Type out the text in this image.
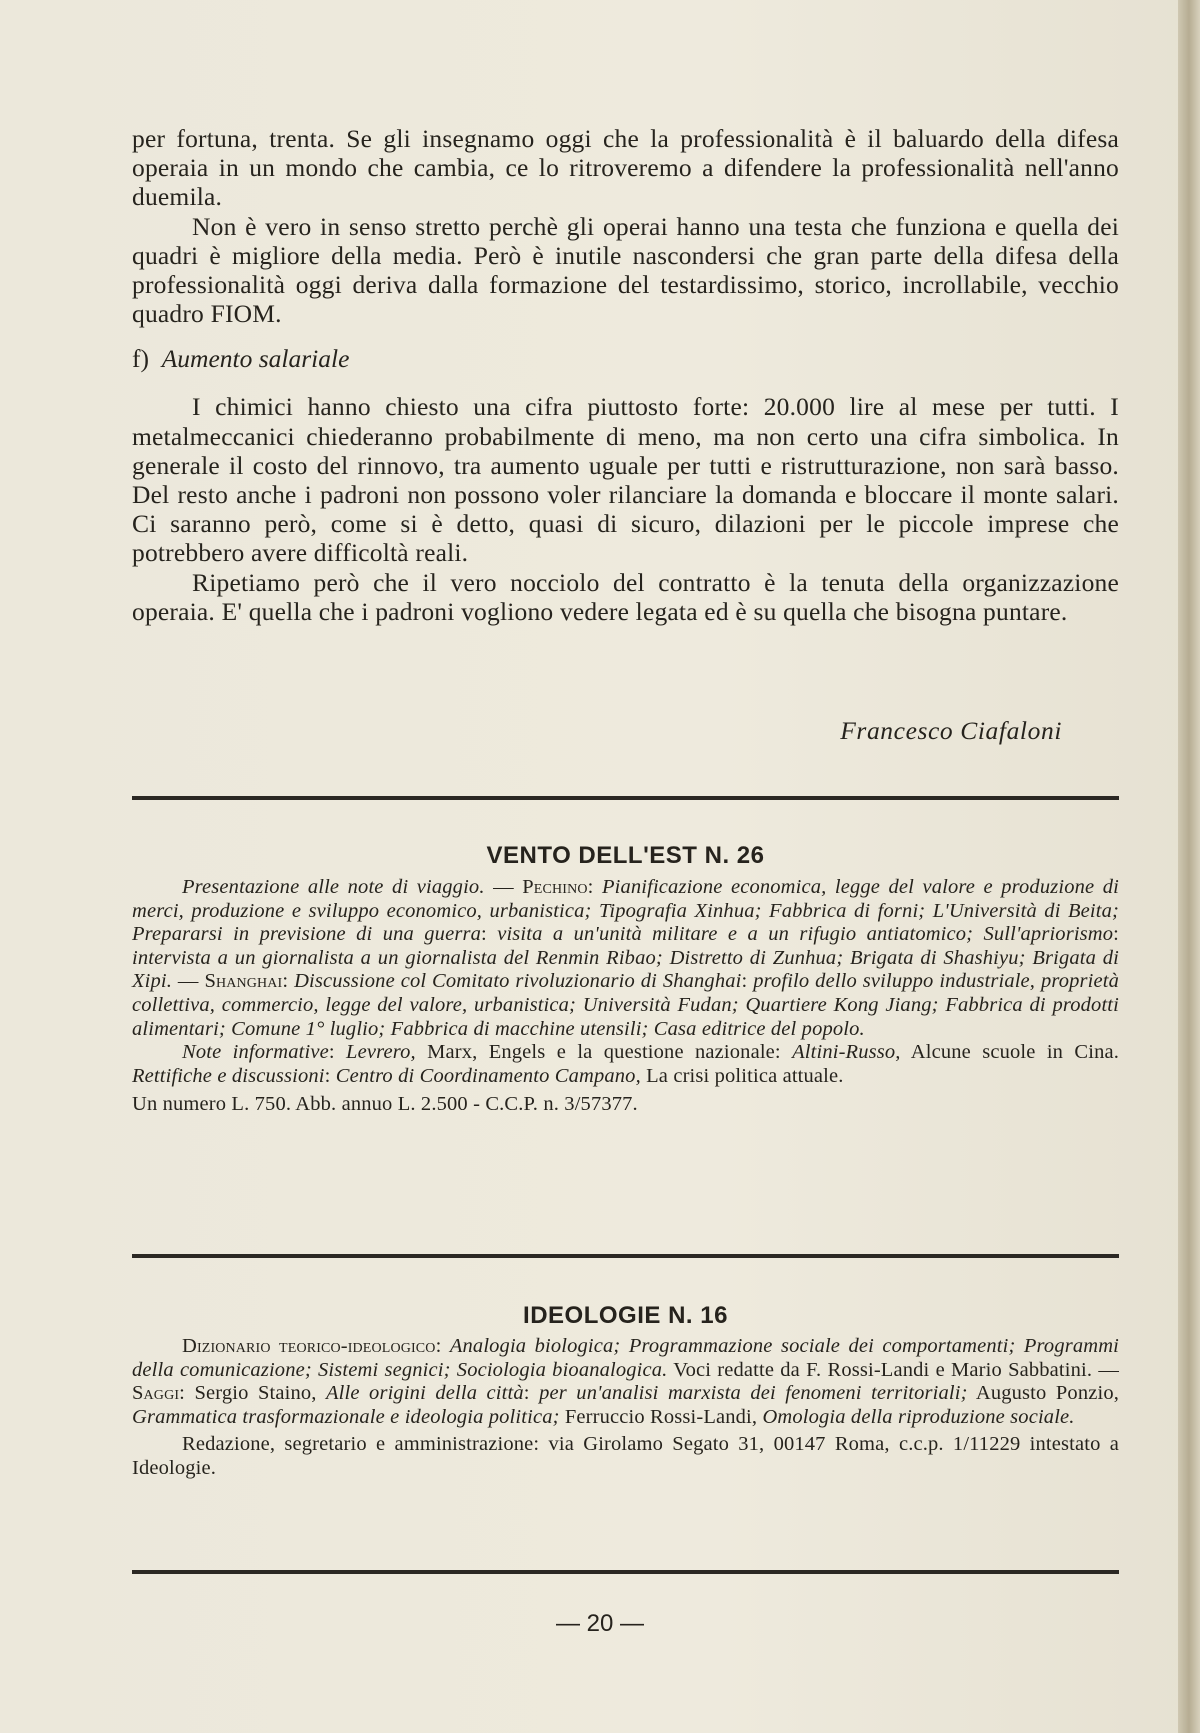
per fortuna, trenta. Se gli insegnamo oggi che la professionalità è il baluardo della difesa operaia in un mondo che cambia, ce lo ritroveremo a difendere la professionalità nell'anno duemila.

Non è vero in senso stretto perchè gli operai hanno una testa che funziona e quella dei quadri è migliore della media. Però è inutile nascondersi che gran parte della difesa della professionalità oggi deriva dalla formazione del testardissimo, storico, incrollabile, vecchio quadro FIOM.

f) Aumento salariale

I chimici hanno chiesto una cifra piuttosto forte: 20.000 lire al mese per tutti. I metalmeccanici chiederanno probabilmente di meno, ma non certo una cifra simbolica. In generale il costo del rinnovo, tra aumento uguale per tutti e ristrutturazione, non sarà basso. Del resto anche i padroni non possono voler rilanciare la domanda e bloccare il monte salari. Ci saranno però, come si è detto, quasi di sicuro, dilazioni per le piccole imprese che potrebbero avere difficoltà reali.

Ripetiamo però che il vero nocciolo del contratto è la tenuta della organizzazione operaia. E' quella che i padroni vogliono vedere legata ed è su quella che bisogna puntare.

Francesco Ciafaloni
VENTO DELL'EST N. 26

Presentazione alle note di viaggio. — Pechino: Pianificazione economica, legge del valore e produzione di merci, produzione e sviluppo economico, urbanistica; Tipografia Xinhua; Fabbrica di forni; L'Università di Beita; Prepararsi in previsione di una guerra: visita a un'unità militare e a un rifugio antiatomico; Sull'apriorismo: intervista a un giornalista a un giornalista del Renmin Ribao; Distretto di Zunhua; Brigata di Shashiyu; Brigata di Xipi. — Shanghai: Discussione col Comitato rivoluzionario di Shanghai: profilo dello sviluppo industriale, proprietà collettiva, commercio, legge del valore, urbanistica; Università Fudan; Quartiere Kong Jiang; Fabbrica di prodotti alimentari; Comune 1° luglio; Fabbrica di macchine utensili; Casa editrice del popolo.

Note informative: Levrero, Marx, Engels e la questione nazionale: Altini-Russo, Alcune scuole in Cina. Rettifiche e discussioni: Centro di Coordinamento Campano, La crisi politica attuale.

Un numero L. 750. Abb. annuo L. 2.500 - C.C.P. n. 3/57377.

IDEOLOGIE N. 16

Dizionario teorico-ideologico: Analogia biologica; Programmazione sociale dei comportamenti; Programmi della comunicazione; Sistemi segnici; Sociologia bioanalogica. Voci redatte da F. Rossi-Landi e Mario Sabbatini. — Saggi: Sergio Staino, Alle origini della città: per un'analisi marxista dei fenomeni territoriali; Augusto Ponzio, Grammatica trasformazionale e ideologia politica; Ferruccio Rossi-Landi, Omologia della riproduzione sociale.

Redazione, segretario e amministrazione: via Girolamo Segato 31, 00147 Roma, c.c.p. 1/11229 intestato a Ideologie.

— 20 —
